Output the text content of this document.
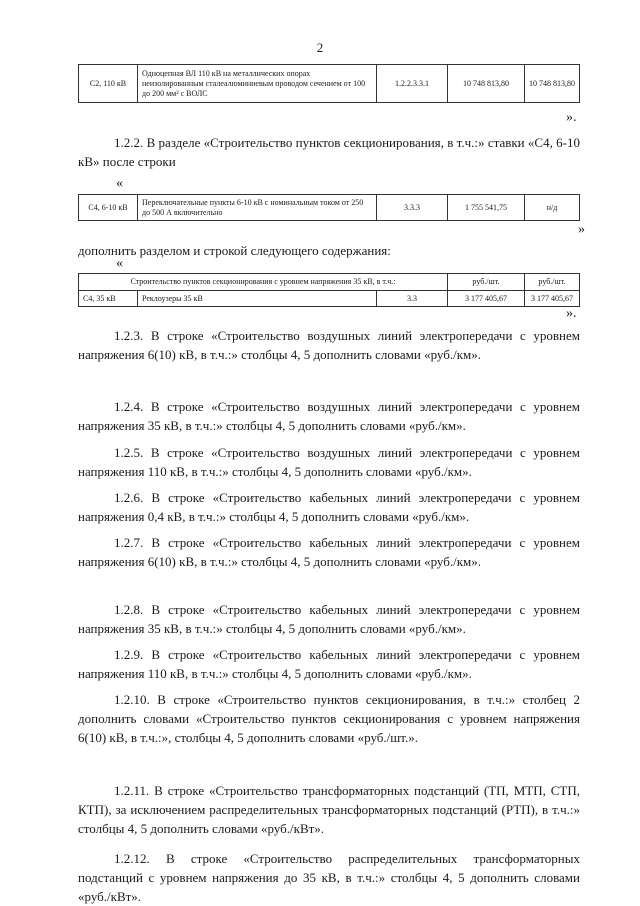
2
C2, 110 кВ	Одноцепная ВЛ 110 кВ на металлических опорах неизолированным сталеалюминиевым проводом сечением от 100 до 200 мм² с ВОЛС	1.2.2.3.3.1	10 748 813,80	10 748 813,80
».
1.2.2. В разделе «Строительство пунктов секционирования, в т.ч.:» ставки «C4, 6-10 кВ» после строки
«
C4, 6-10 кВ	Переключательные пункты 6-10 кВ с номинальным током от 250 до 500 А включительно	3.3.3	1 755 541,75	н/д
»
дополнить разделом и строкой следующего содержания:
«
Строительство пунктов секционирования с уровнем напряжения 35 кВ, в т.ч.:			руб./шт.	руб./шт.
C4, 35 кВ	Реклоузеры 35 кВ	3.3	3 177 405,67	3 177 405,67
».
1.2.3. В строке «Строительство воздушных линий электропередачи с уровнем напряжения 6(10) кВ, в т.ч.:» столбцы 4, 5 дополнить словами «руб./км».
1.2.4. В строке «Строительство воздушных линий электропередачи с уровнем напряжения 35 кВ, в т.ч.:» столбцы 4, 5 дополнить словами «руб./км».
1.2.5. В строке «Строительство воздушных линий электропередачи с уровнем напряжения 110 кВ, в т.ч.:» столбцы 4, 5 дополнить словами «руб./км».
1.2.6. В строке «Строительство кабельных линий электропередачи с уровнем напряжения 0,4 кВ, в т.ч.:» столбцы 4, 5 дополнить словами «руб./км».
1.2.7. В строке «Строительство кабельных линий электропередачи с уровнем напряжения 6(10) кВ, в т.ч.:» столбцы 4, 5 дополнить словами «руб./км».
1.2.8. В строке «Строительство кабельных линий электропередачи с уровнем напряжения 35 кВ, в т.ч.:» столбцы 4, 5 дополнить словами «руб./км».
1.2.9. В строке «Строительство кабельных линий электропередачи с уровнем напряжения 110 кВ, в т.ч.:» столбцы 4, 5 дополнить словами «руб./км».
1.2.10. В строке «Строительство пунктов секционирования, в т.ч.:» столбец 2 дополнить словами «Строительство пунктов секционирования с уровнем напряжения 6(10) кВ, в т.ч.:», столбцы 4, 5 дополнить словами «руб./шт.».
1.2.11. В строке «Строительство трансформаторных подстанций (ТП, МТП, СТП, КТП), за исключением распределительных трансформаторных подстанций (РТП), в т.ч.:» столбцы 4, 5 дополнить словами «руб./кВт».
1.2.12. В строке «Строительство распределительных трансформаторных подстанций с уровнем напряжения до 35 кВ, в т.ч.:» столбцы 4, 5 дополнить словами «руб./кВт».
